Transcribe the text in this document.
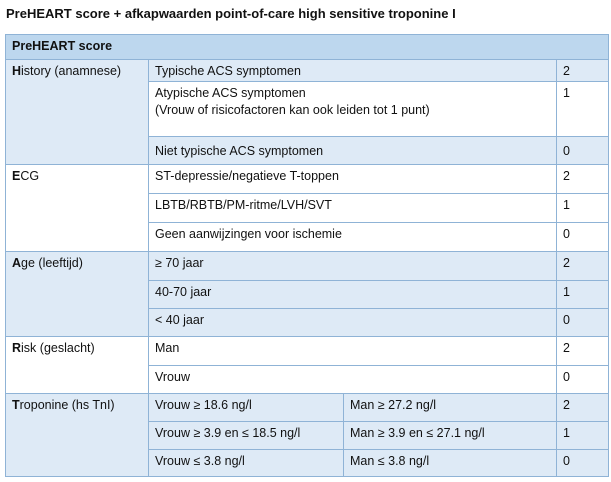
PreHEART score + afkapwaarden point-of-care high sensitive troponine I
PreHEART score			
History (anamnese)	Typische ACS symptomen		2

	Atypische ACS symptomen
(Vrouw of risicofactoren kan ook leiden tot 1 punt)		1
	Niet typische ACS symptomen		0
ECG	ST-depressie/negatieve T-toppen		2
	LBTB/RBTB/PM-ritme/LVH/SVT		1
	Geen aanwijzingen voor ischemie		0
Age (leeftijd)	≥ 70 jaar		2
	40-70 jaar		1
	< 40 jaar		0
Risk (geslacht)	Man		2
	Vrouw		0
Troponine (hs TnI)	Vrouw ≥ 18.6 ng/l	Man ≥ 27.2 ng/l	2
	Vrouw ≥ 3.9 en ≤ 18.5 ng/l	Man ≥ 3.9 en ≤ 27.1 ng/l	1
	Vrouw ≤ 3.8 ng/l	Man ≤ 3.8 ng/l	0
